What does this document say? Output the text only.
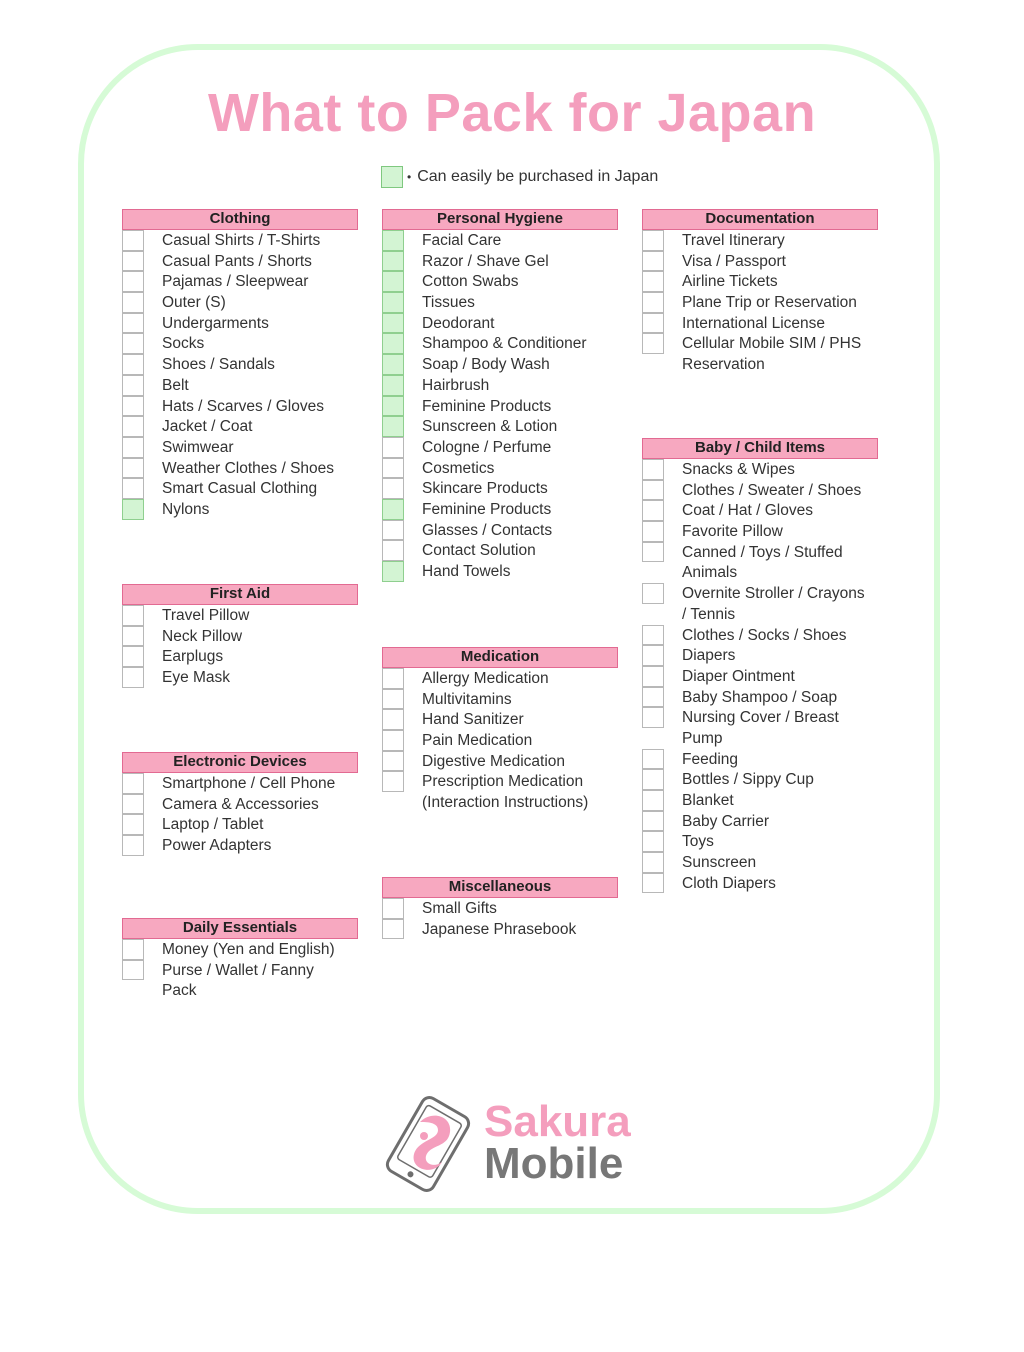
What to Pack for Japan
• Can easily be purchased in Japan
Clothing
Casual Shirts / T-Shirts
Casual Pants / Shorts
Pajamas / Sleepwear
Outer (S)
Undergarments
Socks
Shoes / Sandals
Belt
Hats / Scarves / Gloves
Jacket / Coat
Swimwear
Weather Clothes / Shoes
Smart Casual Clothing
Nylons
First Aid
Travel Pillow
Neck Pillow
Earplugs
Eye Mask
Electronic Devices
Smartphone / Cell Phone
Camera & Accessories
Laptop / Tablet
Power Adapters
Daily Essentials
Money (Yen and English)
Purse / Wallet / Fanny
Pack
Personal Hygiene
Facial Care
Razor / Shave Gel
Cotton Swabs
Tissues
Deodorant
Shampoo & Conditioner
Soap / Body Wash
Hairbrush
Feminine Products
Sunscreen & Lotion
Cologne / Perfume
Cosmetics
Skincare Products
Feminine Products
Glasses / Contacts
Contact Solution
Hand Towels
Medication
Allergy Medication
Multivitamins
Hand Sanitizer
Pain Medication
Digestive Medication
Prescription Medication
(Interaction Instructions)
Miscellaneous
Small Gifts
Japanese Phrasebook
Documentation
Travel Itinerary
Visa / Passport
Airline Tickets
Plane Trip or Reservation
International License
Cellular Mobile SIM / PHS
Reservation
Baby / Child Items
Snacks & Wipes
Clothes / Sweater / Shoes
Coat / Hat / Gloves
Favorite Pillow
Canned / Toys / Stuffed
Animals
Overnite Stroller / Crayons
/ Tennis
Clothes / Socks / Shoes
Diapers
Diaper Ointment
Baby Shampoo / Soap
Nursing Cover / Breast
Pump
Feeding
Bottles / Sippy Cup
Blanket
Baby Carrier
Toys
Sunscreen
Cloth Diapers
Sakura
Mobile
